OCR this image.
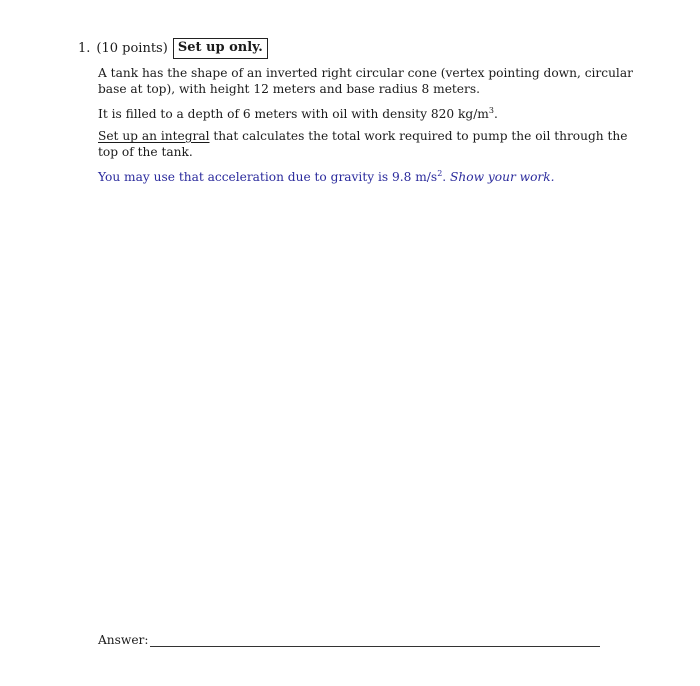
1. (10 points) Set up only.

A tank has the shape of an inverted right circular cone (vertex pointing down, circular base at top), with height 12 meters and base radius 8 meters.

It is filled to a depth of 6 meters with oil with density 820 $kg/m^3$.

Set up an integral that calculates the total work required to pump the oil through the top of the tank.

You may use that acceleration due to gravity is 9.8 $m/s^2$. Show your work.

Answer:
